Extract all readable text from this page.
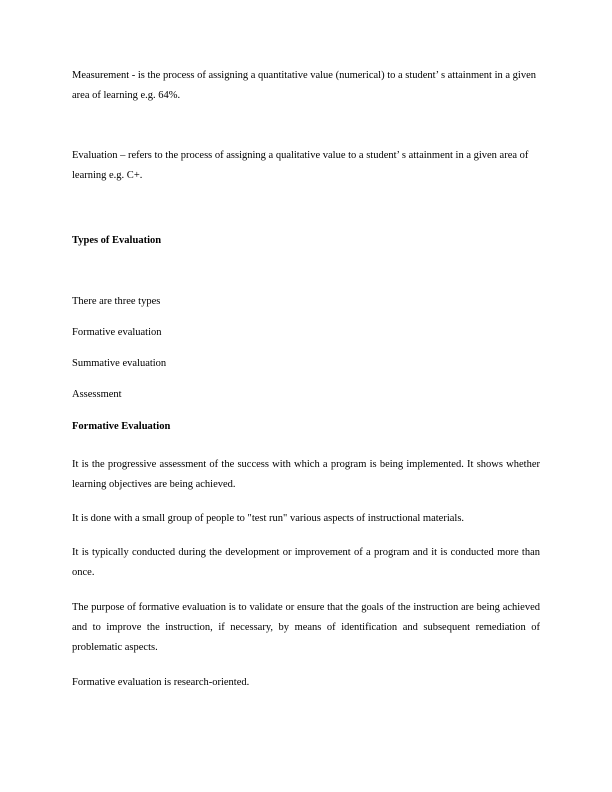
Measurement - is the process of assigning a quantitative value (numerical) to a student’ s attainment in a given area of learning e.g. 64%.

Evaluation – refers to the process of assigning a qualitative value to a student’ s attainment in a given area of learning e.g. C+.

Types of Evaluation

There are three types

Formative evaluation

Summative evaluation

Assessment

Formative Evaluation

It is the progressive assessment of the success with which a program is being implemented. It shows whether learning objectives are being achieved.

It is done with a small group of people to "test run" various aspects of instructional materials.

It is typically conducted during the development or improvement of a program and it is conducted more than once.

The purpose of formative evaluation is to validate or ensure that the goals of the instruction are being achieved and to improve the instruction, if necessary, by means of identification and subsequent remediation of problematic aspects.

Formative evaluation is research-oriented.
